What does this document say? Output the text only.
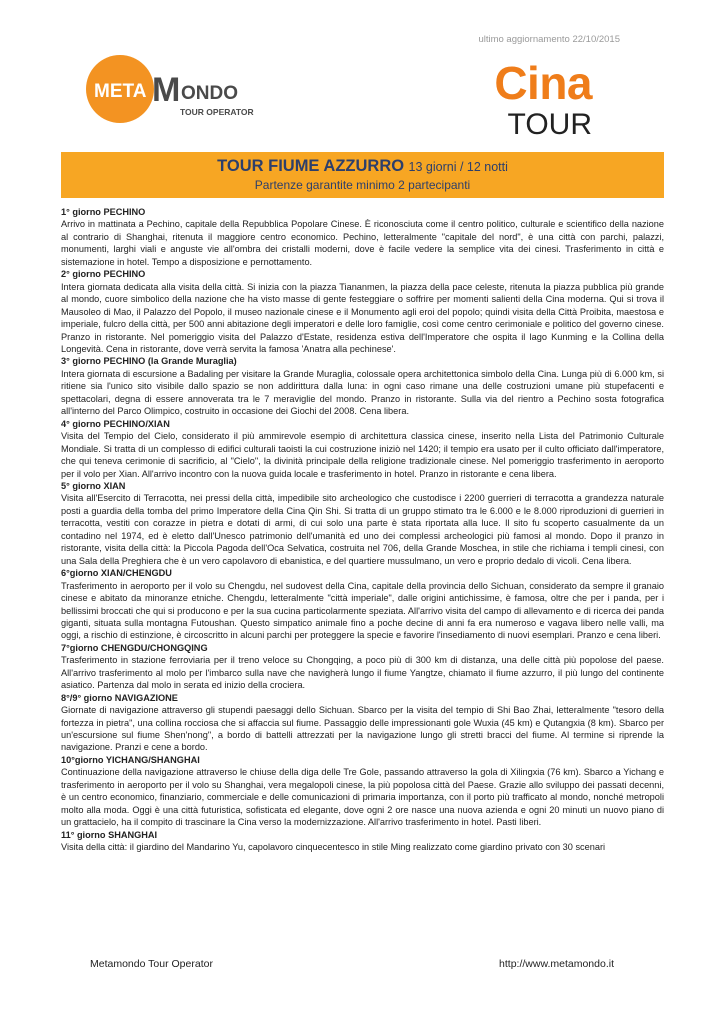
ultimo aggiornamento 22/10/2015
META M ONDO
TOUR OPERATOR
Cina
TOUR
TOUR FIUME AZZURRO 13 giorni / 12 notti
Partenze garantite minimo 2 partecipanti
1° giorno PECHINO

Arrivo in mattinata a Pechino, capitale della Repubblica Popolare Cinese. È riconosciuta come il centro politico, culturale e scientifico della nazione al contrario di Shanghai, ritenuta il maggiore centro economico. Pechino, letteralmente "capitale del nord", è una città con parchi, palazzi, monumenti, larghi viali e anguste vie all'ombra dei cristalli moderni, dove è facile vedere la semplice vita dei cinesi. Trasferimento in città e sistemazione in hotel. Tempo a disposizione e pernottamento.

2° giorno PECHINO

Intera giornata dedicata alla visita della città. Si inizia con la piazza Tiananmen, la piazza della pace celeste, ritenuta la piazza pubblica più grande al mondo, cuore simbolico della nazione che ha visto masse di gente festeggiare o soffrire per momenti salienti della Cina moderna. Qui si trova il Mausoleo di Mao, il Palazzo del Popolo, il museo nazionale cinese e il Monumento agli eroi del popolo; quindi visita della Città Proibita, maestosa e imperiale, fulcro della città, per 500 anni abitazione degli imperatori e delle loro famiglie, così come centro cerimoniale e politico del governo cinese. Pranzo in ristorante. Nel pomeriggio visita del Palazzo d'Estate, residenza estiva dell'Imperatore che ospita il lago Kunming e la Collina della Longevità. Cena in ristorante, dove verrà servita la famosa 'Anatra alla pechinese'.

3° giorno PECHINO (la Grande Muraglia)

Intera giornata di escursione a Badaling per visitare la Grande Muraglia, colossale opera architettonica simbolo della Cina. Lunga più di 6.000 km, si ritiene sia l'unico sito visibile dallo spazio se non addirittura dalla luna: in ogni caso rimane una delle costruzioni umane più stupefacenti e spettacolari, degna di essere annoverata tra le 7 meraviglie del mondo. Pranzo in ristorante. Sulla via del rientro a Pechino sosta fotografica all'interno del Parco Olimpico, costruito in occasione dei Giochi del 2008. Cena libera.

4° giorno PECHINO/XIAN

Visita del Tempio del Cielo, considerato il più ammirevole esempio di architettura classica cinese, inserito nella Lista del Patrimonio Culturale Mondiale. Si tratta di un complesso di edifici culturali taoisti la cui costruzione iniziò nel 1420; il tempio era usato per il culto officiato dall'imperatore, che qui teneva cerimonie di sacrificio, al "Cielo", la divinità principale della religione tradizionale cinese. Nel pomeriggio trasferimento in aeroporto per il volo per Xian. All'arrivo incontro con la nuova guida locale e trasferimento in hotel. Pranzo in ristorante e cena libera.

5° giorno XIAN

Visita all'Esercito di Terracotta, nei pressi della città, impedibile sito archeologico che custodisce i 2200 guerrieri di terracotta a grandezza naturale posti a guardia della tomba del primo Imperatore della Cina Qin Shi. Si tratta di un gruppo stimato tra le 6.000 e le 8.000 riproduzioni di guerrieri in terracotta, vestiti con corazze in pietra e dotati di armi, di cui solo una parte è stata riportata alla luce. Il sito fu scoperto casualmente da un contadino nel 1974, ed è eletto dall'Unesco patrimonio dell'umanità ed uno dei complessi archeologici più famosi al mondo. Dopo il pranzo in ristorante, visita della città: la Piccola Pagoda dell'Oca Selvatica, costruita nel 706, della Grande Moschea, in stile che richiama i templi cinesi, con una Sala della Preghiera che è un vero capolavoro di ebanistica, e del quartiere mussulmano, un vero e proprio dedalo di vicoli. Cena libera.

6°giorno XIAN/CHENGDU

Trasferimento in aeroporto per il volo su Chengdu, nel sudovest della Cina, capitale della provincia dello Sichuan, considerato da sempre il granaio cinese e abitato da minoranze etniche. Chengdu, letteralmente "città imperiale", dalle origini antichissime, è famosa, oltre che per i panda, per i bellissimi broccati che qui si producono e per la sua cucina particolarmente speziata. All'arrivo visita del campo di allevamento e di ricerca dei panda giganti, situata sulla montagna Futoushan. Questo simpatico animale fino a poche decine di anni fa era numeroso e vagava libero nelle valli, ma oggi, a rischio di estinzione, è circoscritto in alcuni parchi per proteggere la specie e favorire l'insediamento di nuovi esemplari. Pranzo e cena liberi.

7°giorno CHENGDU/CHONGQING

Trasferimento in stazione ferroviaria per il treno veloce su Chongqing, a poco più di 300 km di distanza, una delle città più popolose del paese. All'arrivo trasferimento al molo per l'imbarco sulla nave che navigherà lungo il fiume Yangtze, chiamato il fiume azzurro, il più lungo del continente asiatico. Partenza dal molo in serata ed inizio della crociera.

8°/9° giorno NAVIGAZIONE

Giornate di navigazione attraverso gli stupendi paesaggi dello Sichuan. Sbarco per la visita del tempio di Shi Bao Zhai, letteralmente "tesoro della fortezza in pietra", una collina rocciosa che si affaccia sul fiume. Passaggio delle impressionanti gole Wuxia (45 km) e Qutangxia (8 km). Sbarco per un'escursione sul fiume Shen'nong", a bordo di battelli attrezzati per la navigazione lungo gli stretti bracci del fiume. Al termine si riprende la navigazione. Pranzi e cene a bordo.

10°giorno YICHANG/SHANGHAI

Continuazione della navigazione attraverso le chiuse della diga delle Tre Gole, passando attraverso la gola di Xilingxia (76 km). Sbarco a Yichang e trasferimento in aeroporto per il volo su Shanghai, vera megalopoli cinese, la più popolosa città del Paese. Grazie allo sviluppo dei passati decenni, è un centro economico, finanziario, commerciale e delle comunicazioni di primaria importanza, con il porto più trafficato al mondo, nonché metropoli molto alla moda. Oggi è una città futuristica, sofisticata ed elegante, dove ogni 2 ore nasce una nuova azienda e ogni 20 minuti un nuovo piano di un grattacielo, ha il compito di trascinare la Cina verso la modernizzazione. All'arrivo trasferimento in hotel. Pasti liberi.

11° giorno SHANGHAI

Visita della città: il giardino del Mandarino Yu, capolavoro cinquecentesco in stile Ming realizzato come giardino privato con 30 scenari

Metamondo Tour Operator	http://www.metamondo.it
